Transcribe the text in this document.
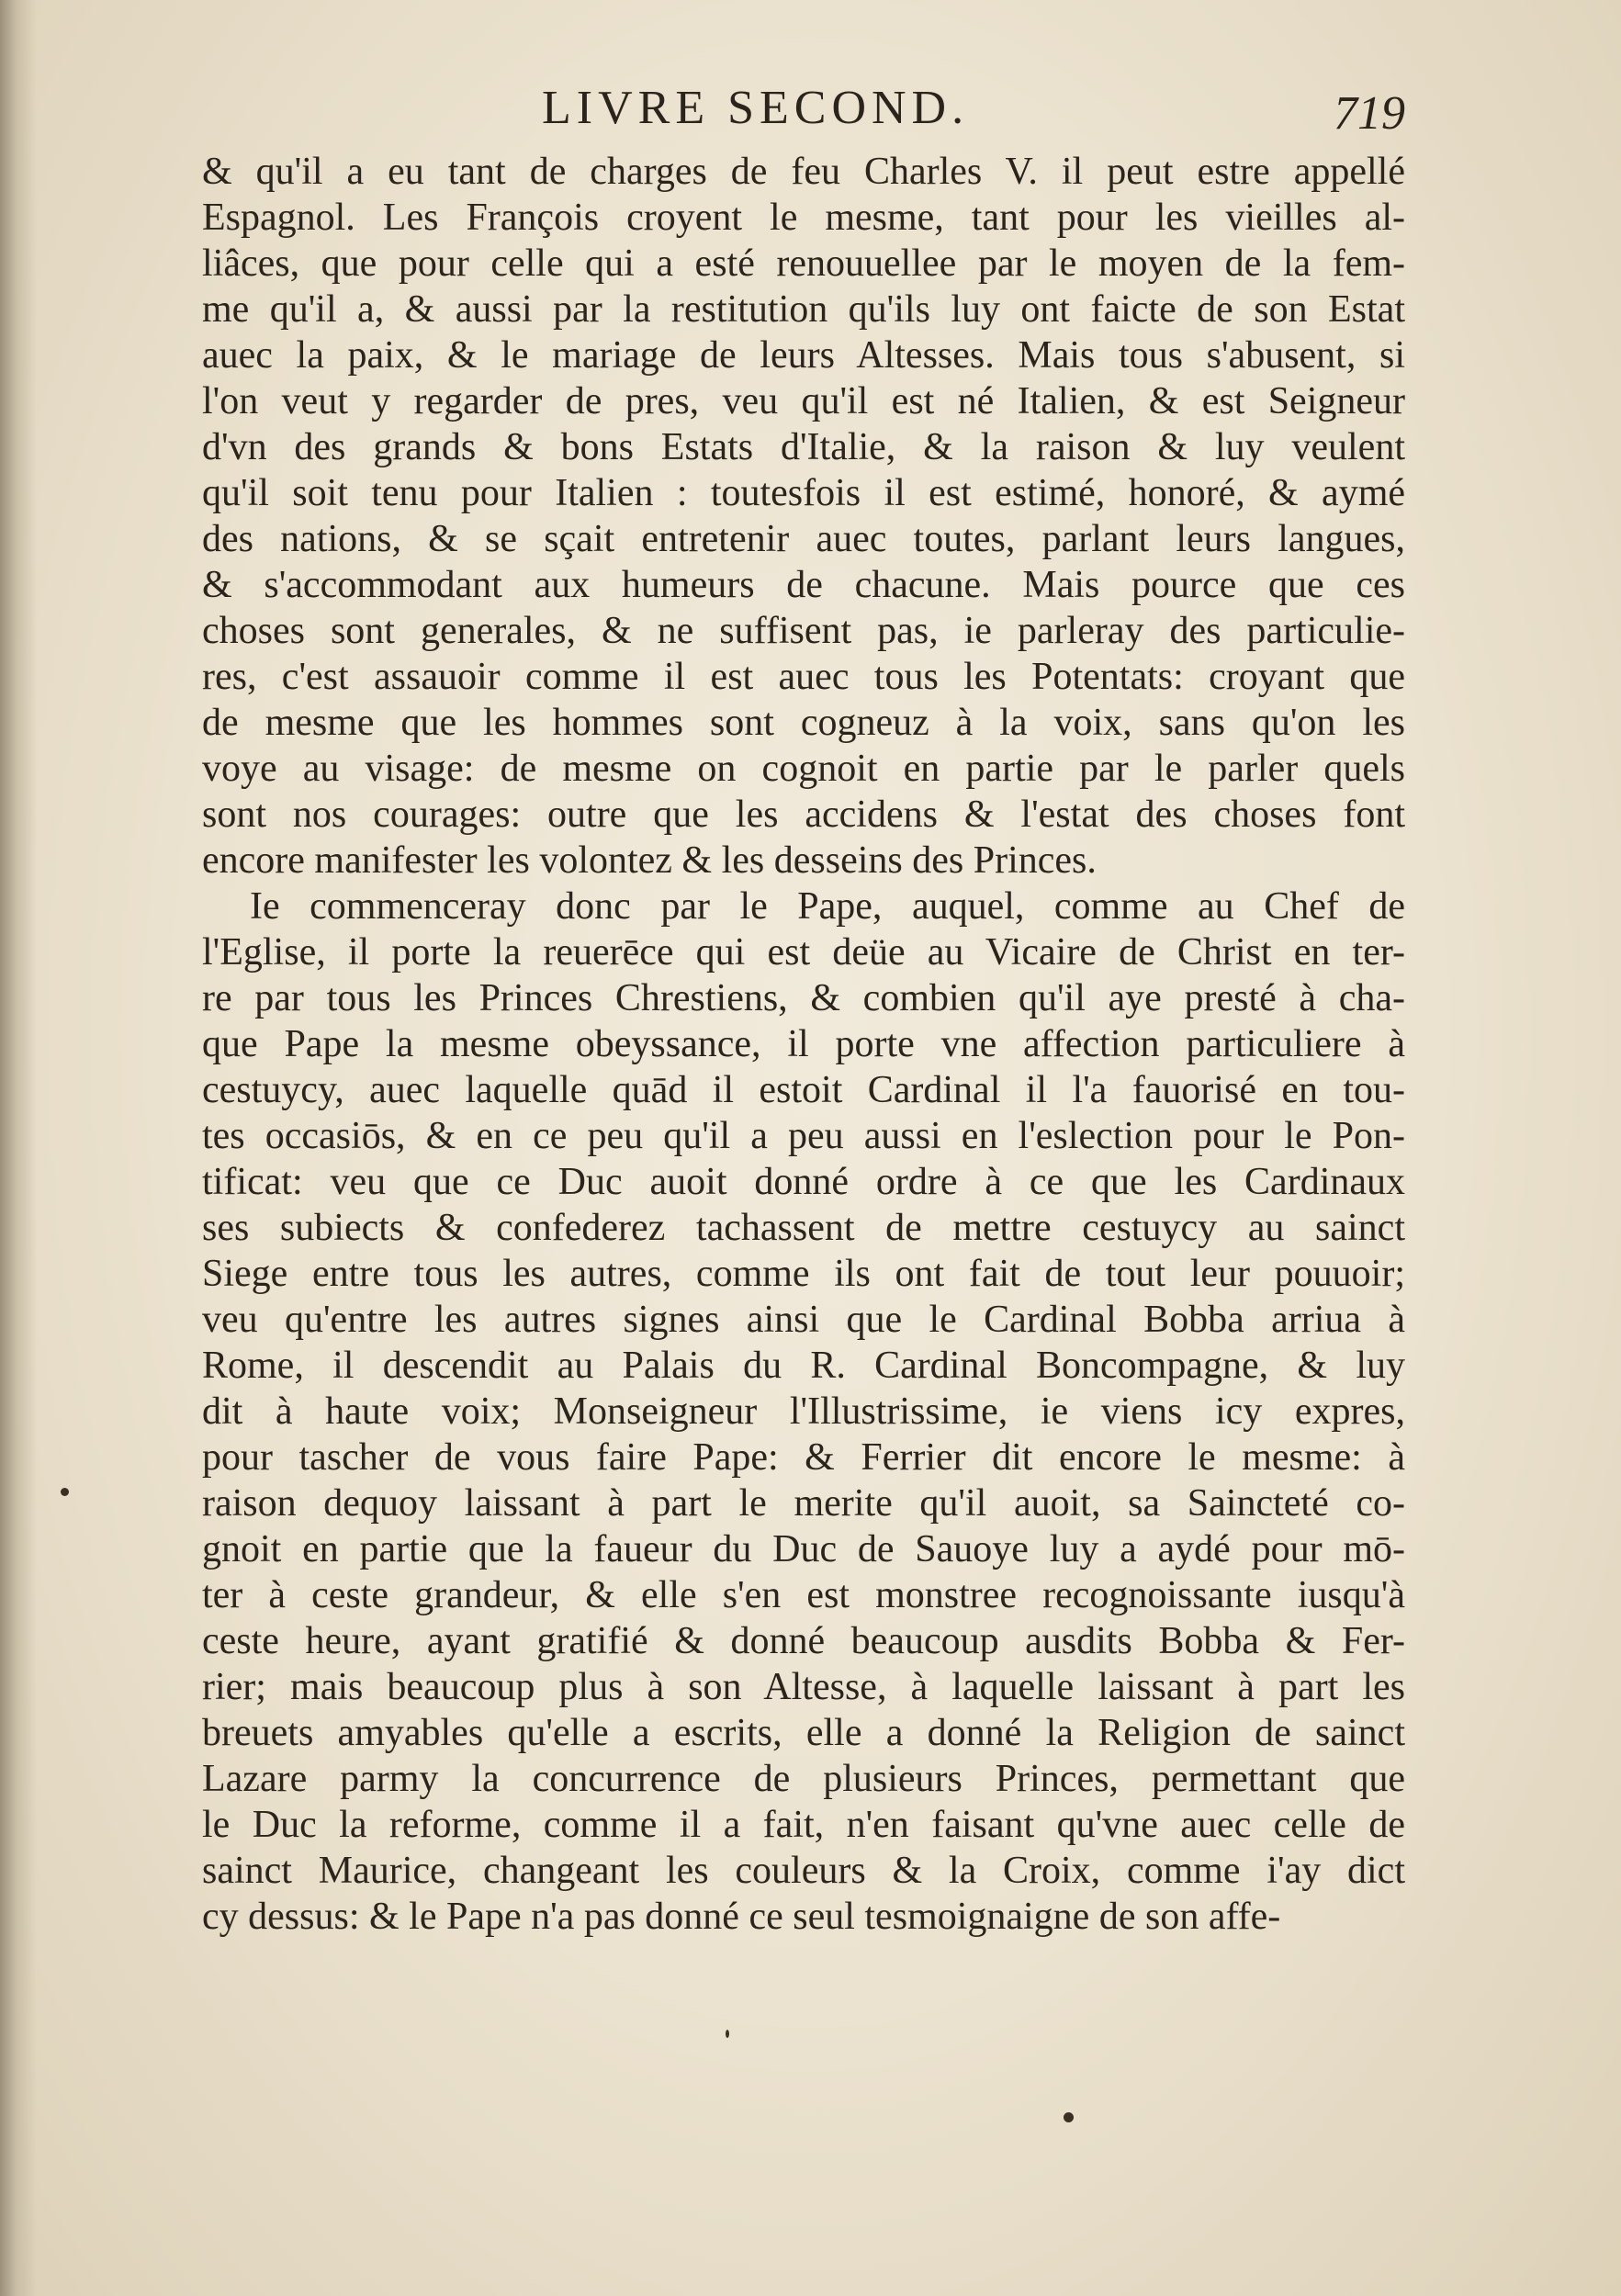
LIVRE SECOND.	719
& qu'il a eu tant de charges de feu Charles V. il peut estre appellé
Espagnol. Les François croyent le mesme, tant pour les vieilles al-
liâces, que pour celle qui a esté renouuellee par le moyen de la fem-
me qu'il a, & aussi par la restitution qu'ils luy ont faicte de son Estat
auec la paix, & le mariage de leurs Altesses. Mais tous s'abusent, si
l'on veut y regarder de pres, veu qu'il est né Italien, & est Seigneur
d'vn des grands & bons Estats d'Italie, & la raison & luy veulent
qu'il soit tenu pour Italien : toutesfois il est estimé, honoré, & aymé
des nations, & se sçait entretenir auec toutes, parlant leurs langues,
& s'accommodant aux humeurs de chacune. Mais pource que ces
choses sont generales, & ne suffisent pas, ie parleray des particulie-
res, c'est assauoir comme il est auec tous les Potentats: croyant que
de mesme que les hommes sont cogneuz à la voix, sans qu'on les
voye au visage: de mesme on cognoit en partie par le parler quels
sont nos courages: outre que les accidens & l'estat des choses font
encore manifester les volontez & les desseins des Princes.
Ie commenceray donc par le Pape, auquel, comme au Chef de
l'Eglise, il porte la reuerēce qui est deüe au Vicaire de Christ en ter-
re par tous les Princes Chrestiens, & combien qu'il aye presté à cha-
que Pape la mesme obeyssance, il porte vne affection particuliere à
cestuycy, auec laquelle quād il estoit Cardinal il l'a fauorisé en tou-
tes occasiōs, & en ce peu qu'il a peu aussi en l'eslection pour le Pon-
tificat: veu que ce Duc auoit donné ordre à ce que les Cardinaux
ses subiects & confederez tachassent de mettre cestuycy au sainct
Siege entre tous les autres, comme ils ont fait de tout leur pouuoir;
veu qu'entre les autres signes ainsi que le Cardinal Bobba arriua à
Rome, il descendit au Palais du R. Cardinal Boncompagne, & luy
dit à haute voix; Monseigneur l'Illustrissime, ie viens icy expres,
pour tascher de vous faire Pape: & Ferrier dit encore le mesme: à
raison dequoy laissant à part le merite qu'il auoit, sa Saincteté co-
gnoit en partie que la faueur du Duc de Sauoye luy a aydé pour mō-
ter à ceste grandeur, & elle s'en est monstree recognoissante iusqu'à
ceste heure, ayant gratifié & donné beaucoup ausdits Bobba & Fer-
rier; mais beaucoup plus à son Altesse, à laquelle laissant à part les
breuets amyables qu'elle a escrits, elle a donné la Religion de sainct
Lazare parmy la concurrence de plusieurs Princes, permettant que
le Duc la reforme, comme il a fait, n'en faisant qu'vne auec celle de
sainct Maurice, changeant les couleurs & la Croix, comme i'ay dict
cy dessus: & le Pape n'a pas donné ce seul tesmoignaigne de son affe-
